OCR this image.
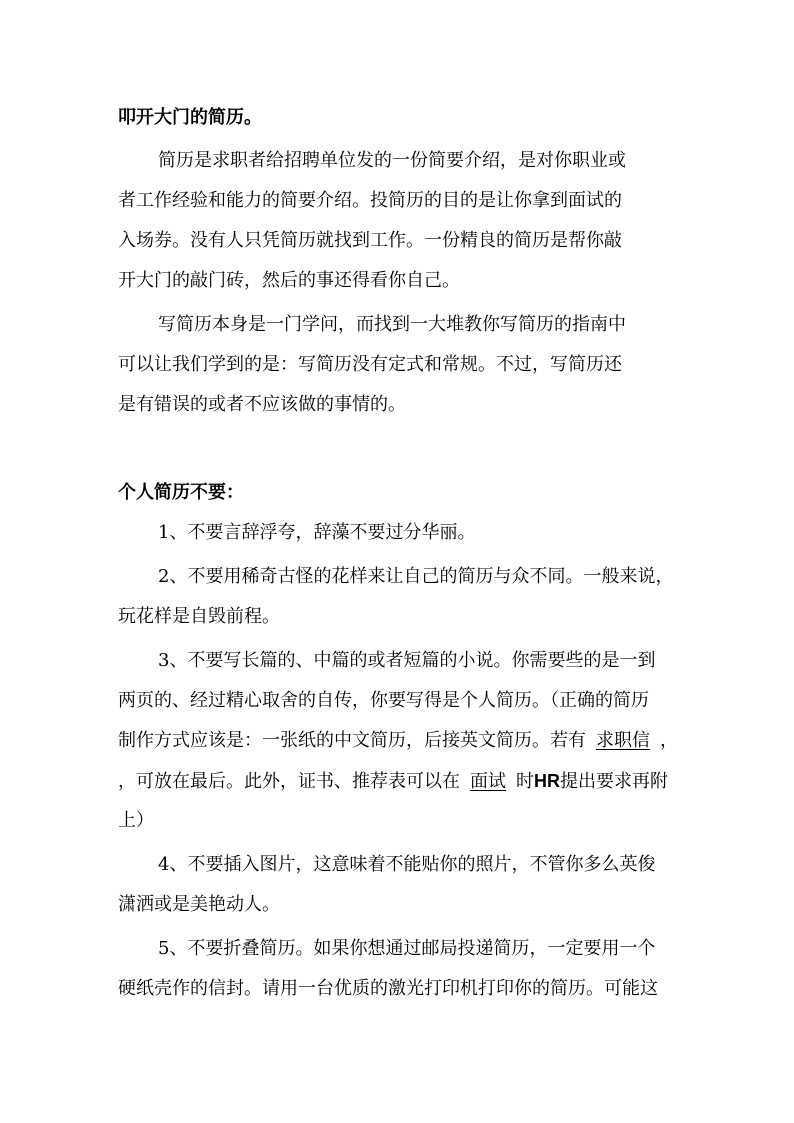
叩开大门的简历。
简历是求职者给招聘单位发的一份简要介绍，是对你职业或
者工作经验和能力的简要介绍。投简历的目的是让你拿到面试的
入场券。没有人只凭简历就找到工作。一份精良的简历是帮你敲
开大门的敲门砖，然后的事还得看你自己。
写简历本身是一门学问，而找到一大堆教你写简历的指南中
可以让我们学到的是：写简历没有定式和常规。不过，写简历还
是有错误的或者不应该做的事情的。
个人简历不要：
1、不要言辞浮夸，辞藻不要过分华丽。
2、不要用稀奇古怪的花样来让自己的简历与众不同。一般来说，
玩花样是自毁前程。
3、不要写长篇的、中篇的或者短篇的小说。你需要些的是一到
两页的、经过精心取舍的自传，你要写得是个人简历。（正确的简历
制作方式应该是：一张纸的中文简历，后接英文简历。若有 求职信 ，
，可放在最后。此外，证书、推荐表可以在 面试 时HR提出要求再附
上）
4、不要插入图片，这意味着不能贴你的照片，不管你多么英俊
潇洒或是美艳动人。
5、不要折叠简历。如果你想通过邮局投递简历，一定要用一个
硬纸壳作的信封。请用一台优质的激光打印机打印你的简历。可能这
